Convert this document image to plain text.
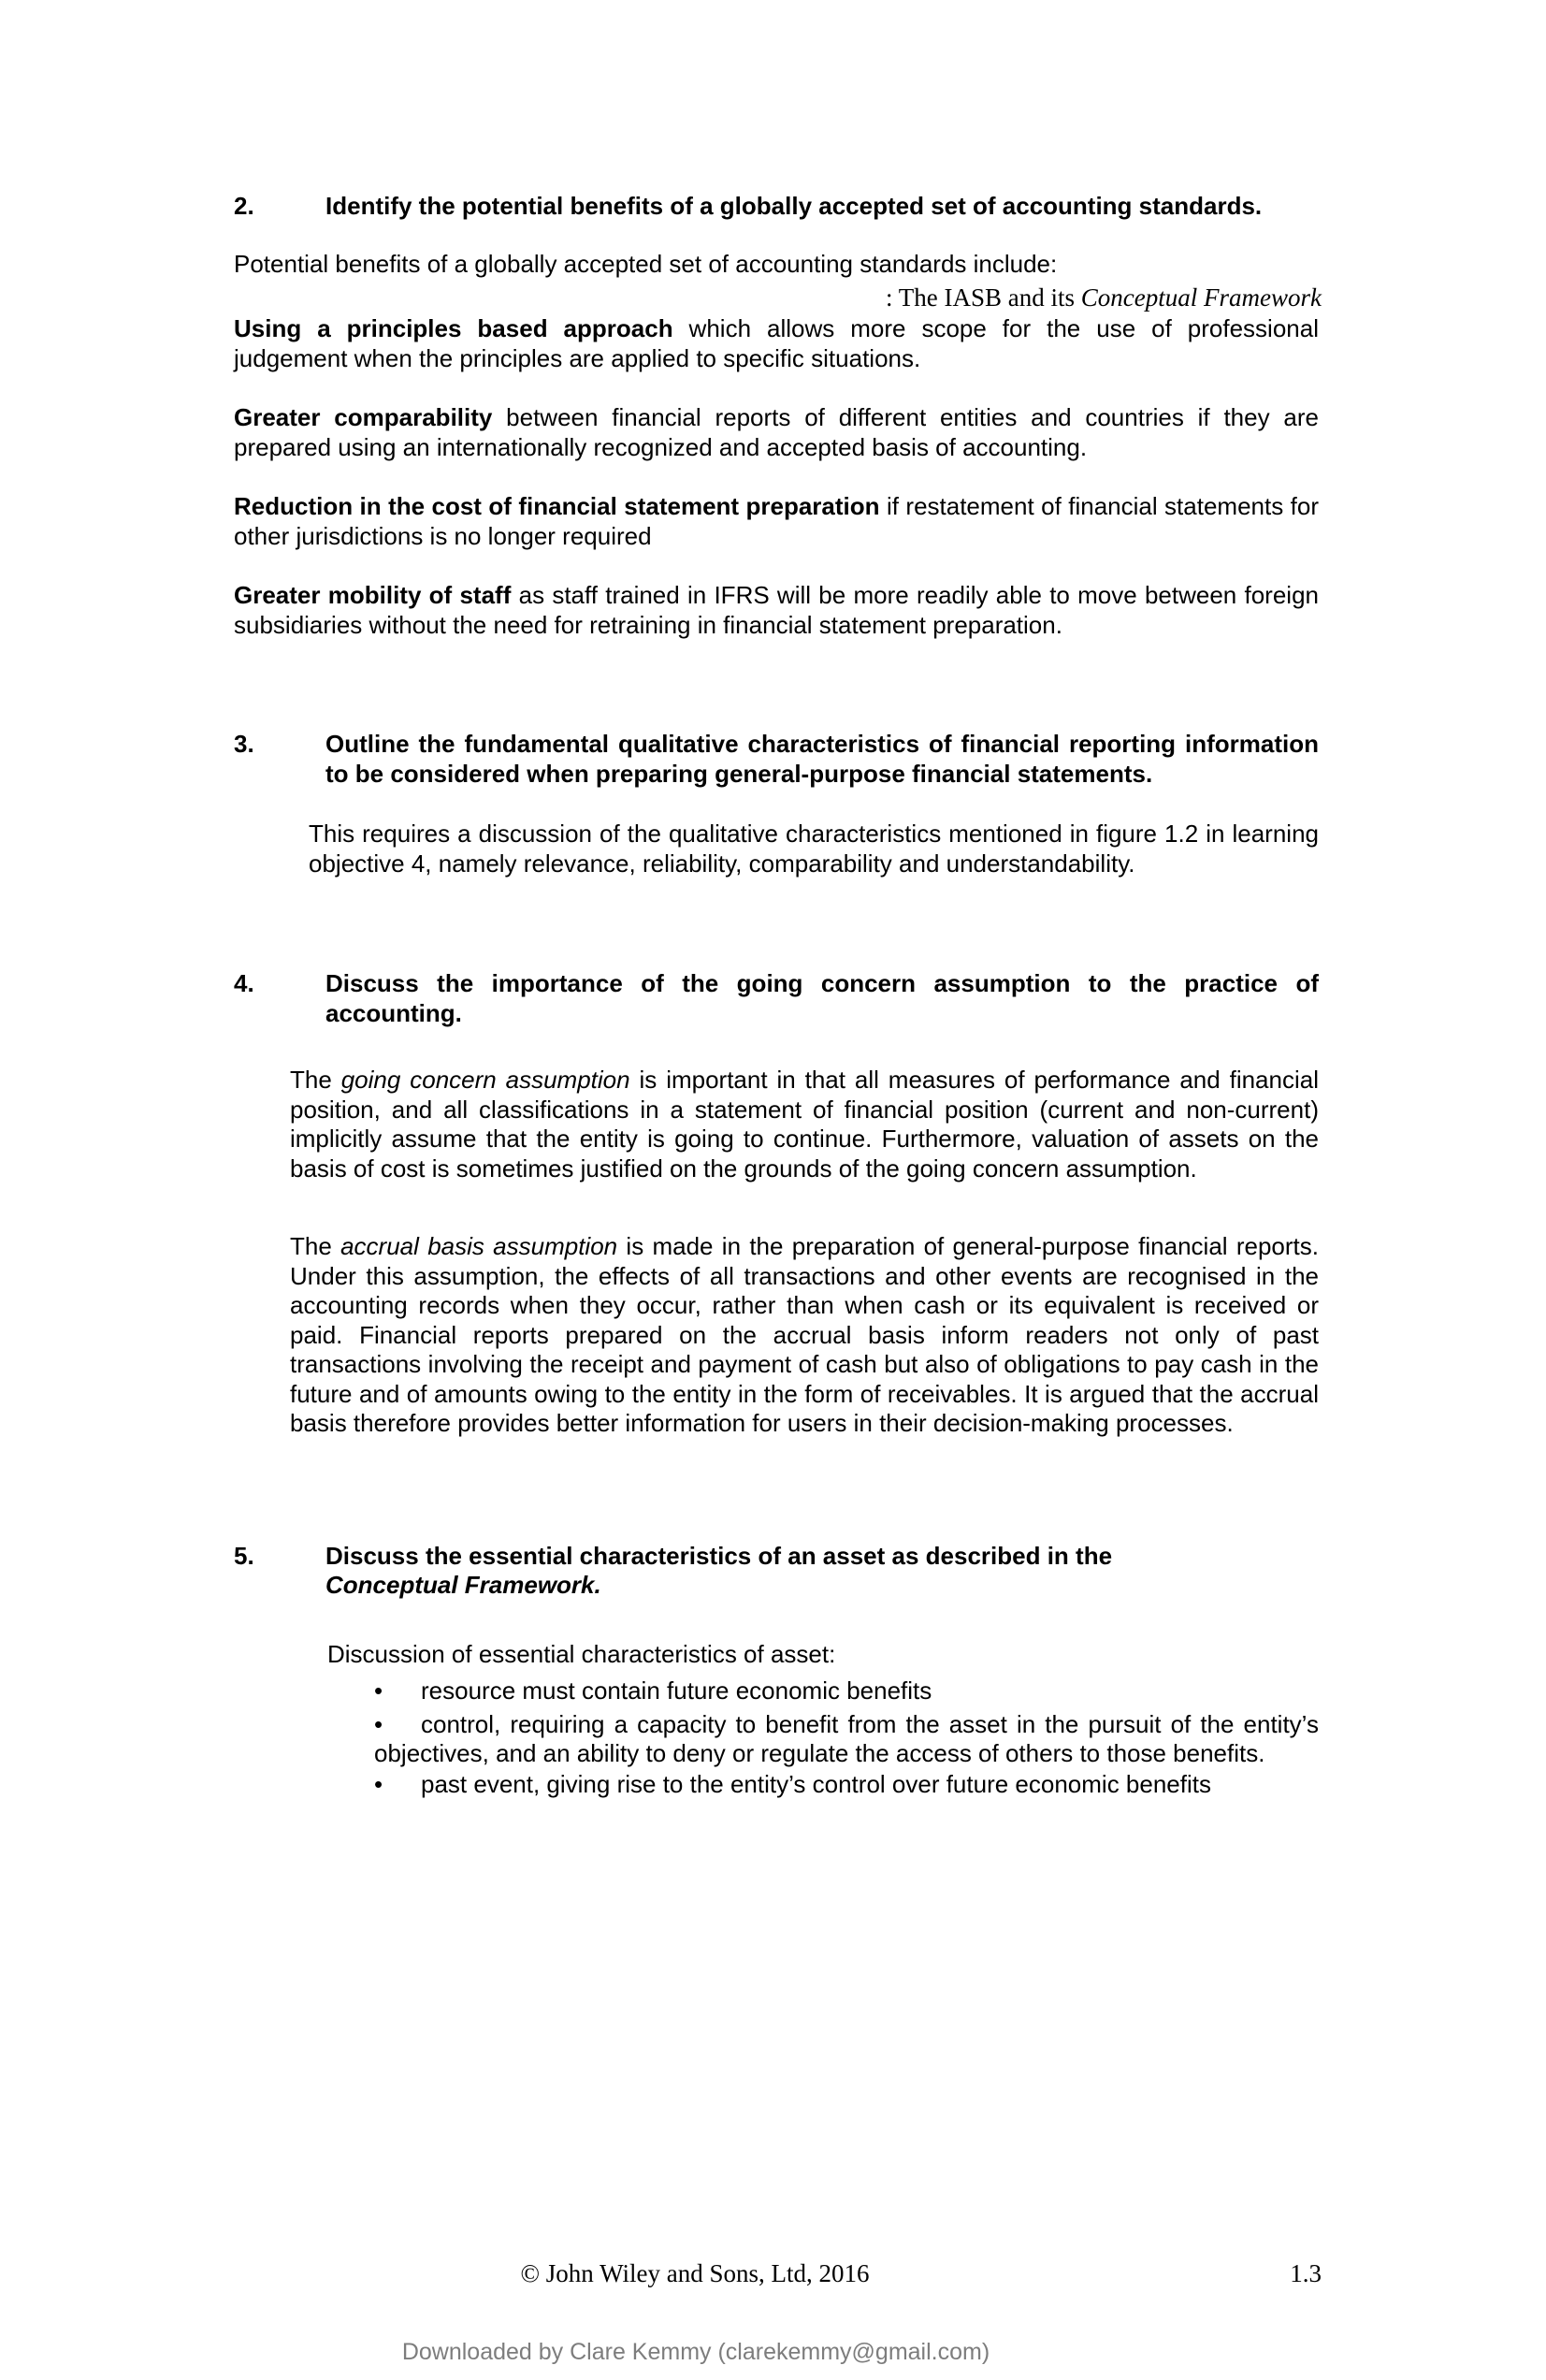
: The IASB and its Conceptual Framework
2.	Identify the potential benefits of a globally accepted set of accounting standards.

Potential benefits of a globally accepted set of accounting standards include:

Using a principles based approach which allows more scope for the use of professional judgement when the principles are applied to specific situations.

Greater comparability between financial reports of different entities and countries if they are prepared using an internationally recognized and accepted basis of accounting.

Reduction in the cost of financial statement preparation if restatement of financial statements for other jurisdictions is no longer required

Greater mobility of staff as staff trained in IFRS will be more readily able to move between foreign subsidiaries without the need for retraining in financial statement preparation.

3.	Outline the fundamental qualitative characteristics of financial reporting information to be considered when preparing general-purpose financial statements.

This requires a discussion of the qualitative characteristics mentioned in figure 1.2 in learning objective 4, namely relevance, reliability, comparability and understandability.

4.	Discuss the importance of the going concern assumption to the practice of accounting.

The going concern assumption is important in that all measures of performance and financial position, and all classifications in a statement of financial position (current and non-current) implicitly assume that the entity is going to continue. Furthermore, valuation of assets on the basis of cost is sometimes justified on the grounds of the going concern assumption.

The accrual basis assumption is made in the preparation of general-purpose financial reports. Under this assumption, the effects of all transactions and other events are recognised in the accounting records when they occur, rather than when cash or its equivalent is received or paid. Financial reports prepared on the accrual basis inform readers not only of past transactions involving the receipt and payment of cash but also of obligations to pay cash in the future and of amounts owing to the entity in the form of receivables. It is argued that the accrual basis therefore provides better information for users in their decision-making processes.

5.	Discuss the essential characteristics of an asset as described in the
Conceptual Framework.

Discussion of essential characteristics of asset:

• resource must contain future economic benefits
• control, requiring a capacity to benefit from the asset in the pursuit of the entity’s objectives, and an ability to deny or regulate the access of others to those benefits.
• past event, giving rise to the entity’s control over future economic benefits
© John Wiley and Sons, Ltd, 2016	1.3
Downloaded by Clare Kemmy (clarekemmy@gmail.com)
